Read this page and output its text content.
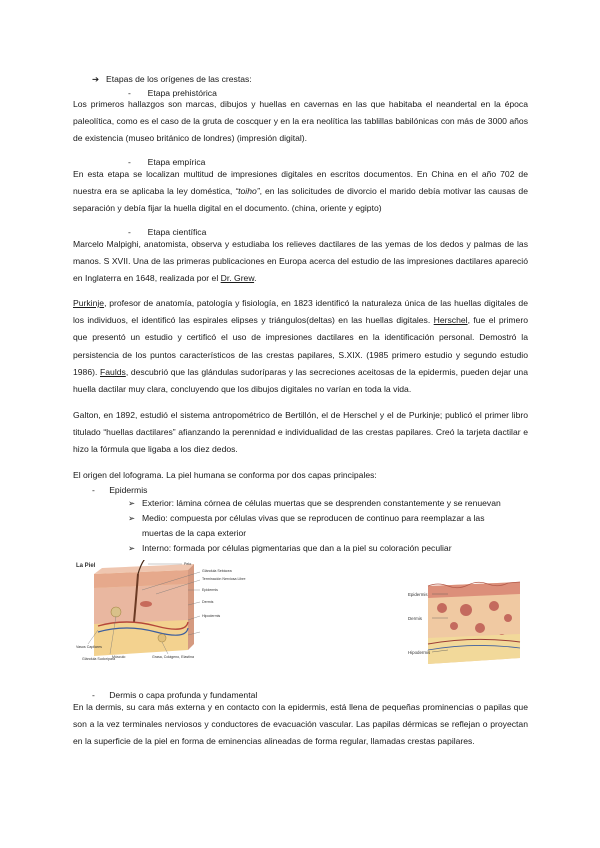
➔ Etapas de los orígenes de las crestas:
- Etapa prehistórica
Los primeros hallazgos son marcas, dibujos y huellas en cavernas en las que habitaba el neandertal en la época paleolítica, como es el caso de la gruta de coscquer y en la era neolítica las tablillas babilónicas con más de 3000 años de existencia (museo británico de londres) (impresión digital).
- Etapa empírica
En esta etapa se localizan multitud de impresiones digitales en escritos documentos. En China en el año 702 de nuestra era se aplicaba la ley doméstica, “toiho”, en las solicitudes de divorcio el marido debía motivar las causas de separación y debía fijar la huella digital en el documento. (china, oriente y egipto)
- Etapa científica
Marcelo Malpighi, anatomista, observa y estudiaba los relieves dactilares de las yemas de los dedos y palmas de las manos. S XVII. Una de las primeras publicaciones en Europa acerca del estudio de las impresiones dactilares apareció en Inglaterra en 1648, realizada por el Dr. Grew.
Purkinje, profesor de anatomía, patología y fisiología, en 1823 identificó la naturaleza única de las huellas digitales de los individuos, el identificó las espirales elipses y triángulos(deltas) en las huellas digitales. Herschel, fue el primero que presentó un estudio y certificó el uso de impresiones dactilares en la identificación personal. Demostró la persistencia de los puntos característicos de las crestas papilares, S.XIX. (1985 primero estudio y segundo estudio 1986). Faulds, descubrió que las glándulas sudoríparas y las secreciones aceitosas de la epidermis, pueden dejar una huella dactilar muy clara, concluyendo que los dibujos digitales no varían en toda la vida.
Galton, en 1892, estudió el sistema antropométrico de Bertillón, el de Herschel y el de Purkinje; publicó el primer libro titulado “huellas dactilares” afianzando la perennidad e individualidad de las crestas papilares. Creó la tarjeta dactilar e hizo la fórmula que ligaba a los diez dedos.
El origen del lofograma. La piel humana se conforma por dos capas principales:
- Epidermis
➢ Exterior: lámina córnea de células muertas que se desprenden constantemente y se renuevan
➢ Medio: compuesta por células vivas que se reproducen de continuo para reemplazar a las
muertas de la capa exterior
➢ Interno: formada por células pigmentarias que dan a la piel su coloración peculiar
La Piel	Pelo
Glándula Sebácea
Terminación Nerviosa Libre
Epidermis
Dermis
Hipodermis
Vasos Capilares
Glándula Sudorípara
Músculo	Grasa, Colágeno, Elastina
Epidermis
Dermis
Hipodermis
- Dermis o capa profunda y fundamental
En la dermis, su cara más externa y en contacto con la epidermis, está llena de pequeñas prominencias o papilas que son a la vez terminales nerviosos y conductores de evacuación vascular. Las papilas dérmicas se reflejan o proyectan en la superficie de la piel en forma de eminencias alineadas de forma regular, llamadas crestas papilares.
